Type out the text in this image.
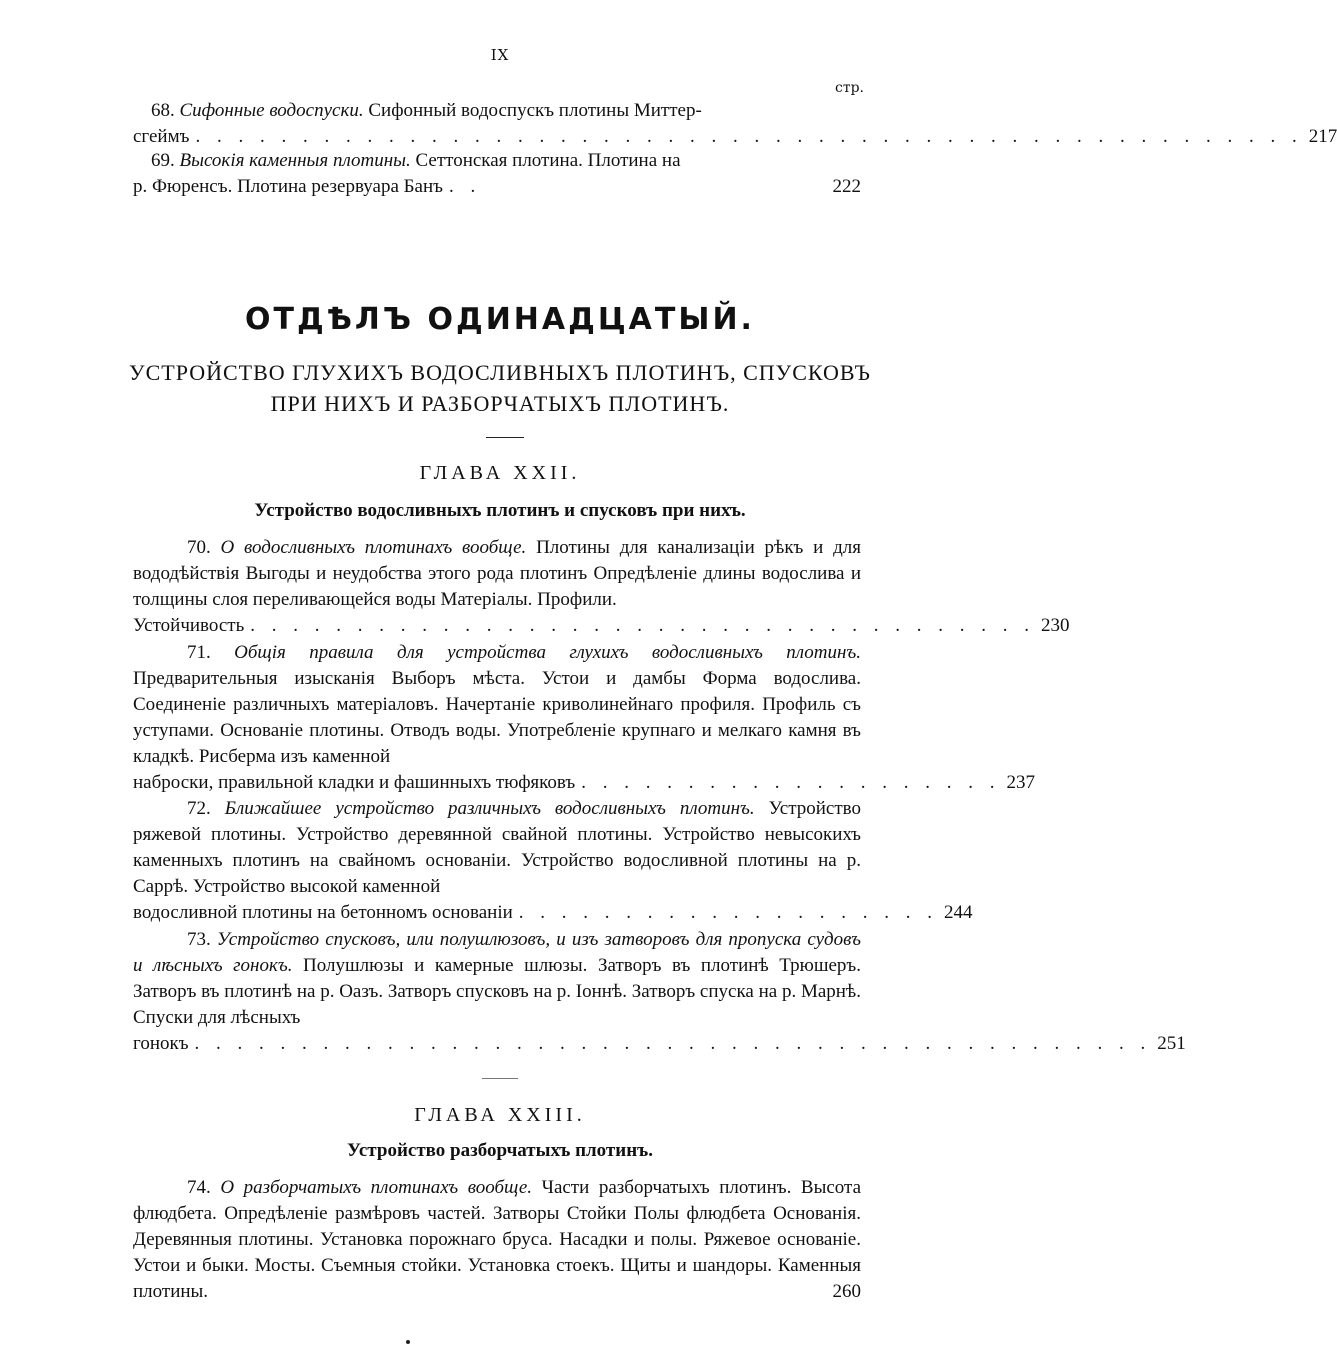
IX
стр.
68. Сифонные водоспуски. Сифонный водоспускъ плотины Миттер-
сгеймъ . . . . . . . . . . . . . . . . . . . . . . . . . . . . . . . . . . . . . . . . . . . . . . . . . . . . 217
69. Высокія каменныя плотины. Сеттонская плотина. Плотина на
р. Фюренсъ. Плотина резервуара Банъ . .	222
ОТДѢЛЪ ОДИНАДЦАТЫЙ.
УСТРОЙСТВО ГЛУХИХЪ ВОДОСЛИВНЫХЪ ПЛОТИНЪ, СПУСКОВЪ
ПРИ НИХЪ И РАЗБОРЧАТЫХЪ ПЛОТИНЪ.
ГЛАВА XXII.
Устройство водосливныхъ плотинъ и спусковъ при нихъ.
70. О водосливныхъ плотинахъ вообще. Плотины для канализаціи рѣкъ и для вододѣйствія Выгоды и неудобства этого рода плотинъ Опредѣленіе длины водослива и толщины слоя переливающейся воды Матеріалы. Профили.
Устойчивость . . . . . . . . . . . . . . . . . . . . . . . . . . . . . . . . . . . . . 230
71. Общія правила для устройства глухихъ водосливныхъ плотинъ. Предварительныя изысканія Выборъ мѣста. Устои и дамбы Форма водослива. Соединеніе различныхъ матеріаловъ. Начертаніе криволинейнаго профиля. Профиль съ уступами. Основаніе плотины. Отводъ воды. Употребленіе крупнаго и мелкаго камня въ кладкѣ. Рисберма изъ каменной
наброски, правильной кладки и фашинныхъ тюфяковъ . . . . . . . . . . . . . . . . . . . . 237
72. Ближайшее устройство различныхъ водосливныхъ плотинъ. Устройство ряжевой плотины. Устройство деревянной свайной плотины. Устройство невысокихъ каменныхъ плотинъ на свайномъ основаніи. Устройство водосливной плотины на р. Саррѣ. Устройство высокой каменной
водосливной плотины на бетонномъ основаніи . . . . . . . . . . . . . . . . . . . . 244
73. Устройство спусковъ, или полушлюзовъ, и изъ затворовъ для пропуска судовъ и лѣсныхъ гонокъ. Полушлюзы и камерные шлюзы. Затворъ въ плотинѣ Трюшеръ. Затворъ въ плотинѣ на р. Оазъ. Затворъ спусковъ на р. Іоннѣ. Затворъ спуска на р. Марнѣ. Спуски для лѣсныхъ
гонокъ . . . . . . . . . . . . . . . . . . . . . . . . . . . . . . . . . . . . . . . . . . . . . 251
ГЛАВА XXIII.
Устройство разборчатыхъ плотинъ.
74. О разборчатыхъ плотинахъ вообще. Части разборчатыхъ плотинъ. Высота флюдбета. Опредѣленіе размѣровъ частей. Затворы Стойки Полы флюдбета Основанія. Деревянныя плотины. Установка порожнаго бруса. Насадки и полы. Ряжевое основаніе. Устои и быки. Мосты. Съемныя стойки. Установка стоекъ. Щиты и шандоры. Каменныя плотины.	260
